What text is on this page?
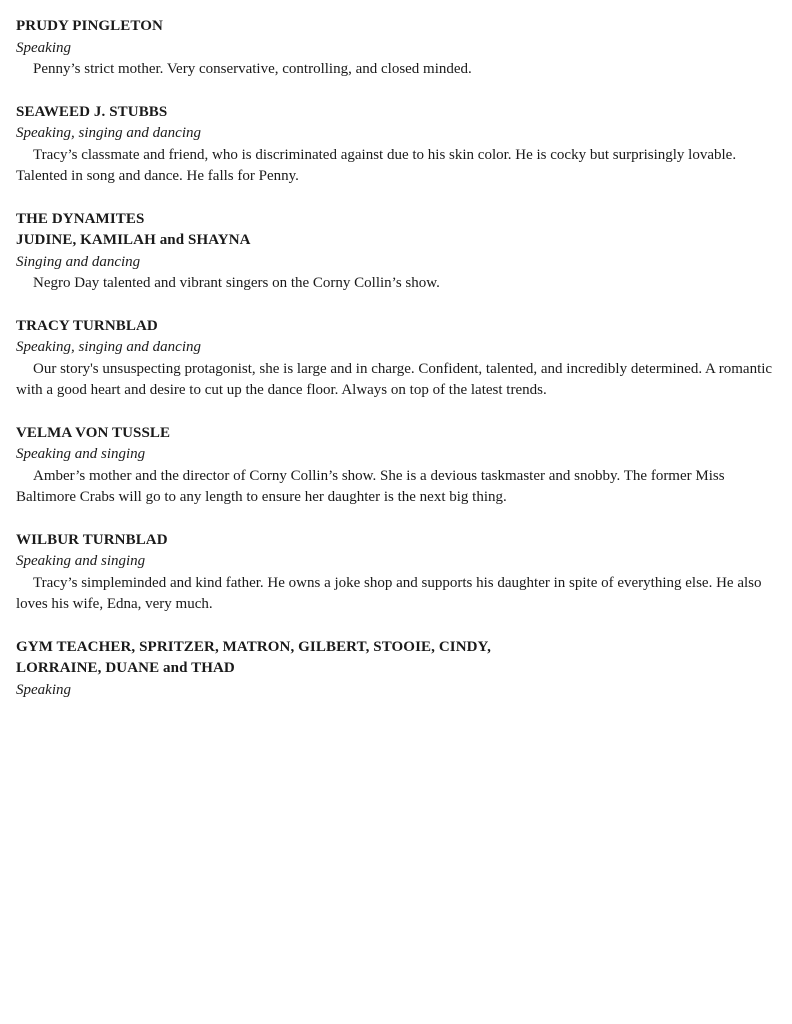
PRUDY PINGLETON

Speaking

Penny’s strict mother. Very conservative, controlling, and closed minded.

SEAWEED J. STUBBS

Speaking, singing and dancing

Tracy’s classmate and friend, who is discriminated against due to his skin color. He is cocky but surprisingly lovable. Talented in song and dance. He falls for Penny.

THE DYNAMITES

JUDINE, KAMILAH and SHAYNA

Singing and dancing

Negro Day talented and vibrant singers on the Corny Collin’s show.

TRACY TURNBLAD

Speaking, singing and dancing

Our story's unsuspecting protagonist, she is large and in charge. Confident, talented, and incredibly determined. A romantic with a good heart and desire to cut up the dance floor. Always on top of the latest trends.

VELMA VON TUSSLE

Speaking and singing

Amber’s mother and the director of Corny Collin’s show. She is a devious taskmaster and snobby. The former Miss Baltimore Crabs will go to any length to ensure her daughter is the next big thing.

WILBUR TURNBLAD

Speaking and singing

Tracy’s simpleminded and kind father. He owns a joke shop and supports his daughter in spite of everything else. He also loves his wife, Edna, very much.

GYM TEACHER, SPRITZER, MATRON, GILBERT, STOOIE, CINDY,

LORRAINE, DUANE and THAD

Speaking
